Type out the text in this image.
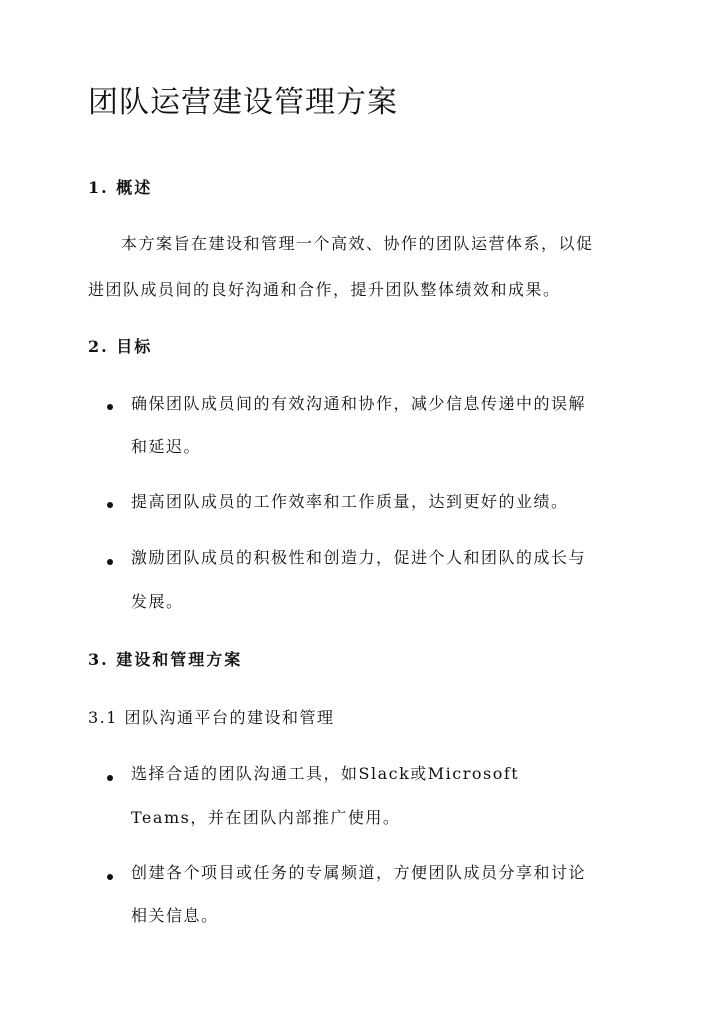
团队运营建设管理方案
1. 概述
本方案旨在建设和管理一个高效、协作的团队运营体系，以促
进团队成员间的良好沟通和合作，提升团队整体绩效和成果。
2. 目标
确保团队成员间的有效沟通和协作，减少信息传递中的误解
和延迟。
提高团队成员的工作效率和工作质量，达到更好的业绩。
激励团队成员的积极性和创造力，促进个人和团队的成长与
发展。
3. 建设和管理方案
3.1 团队沟通平台的建设和管理
选择合适的团队沟通工具，如Slack或Microsoft
Teams，并在团队内部推广使用。
创建各个项目或任务的专属频道，方便团队成员分享和讨论
相关信息。
